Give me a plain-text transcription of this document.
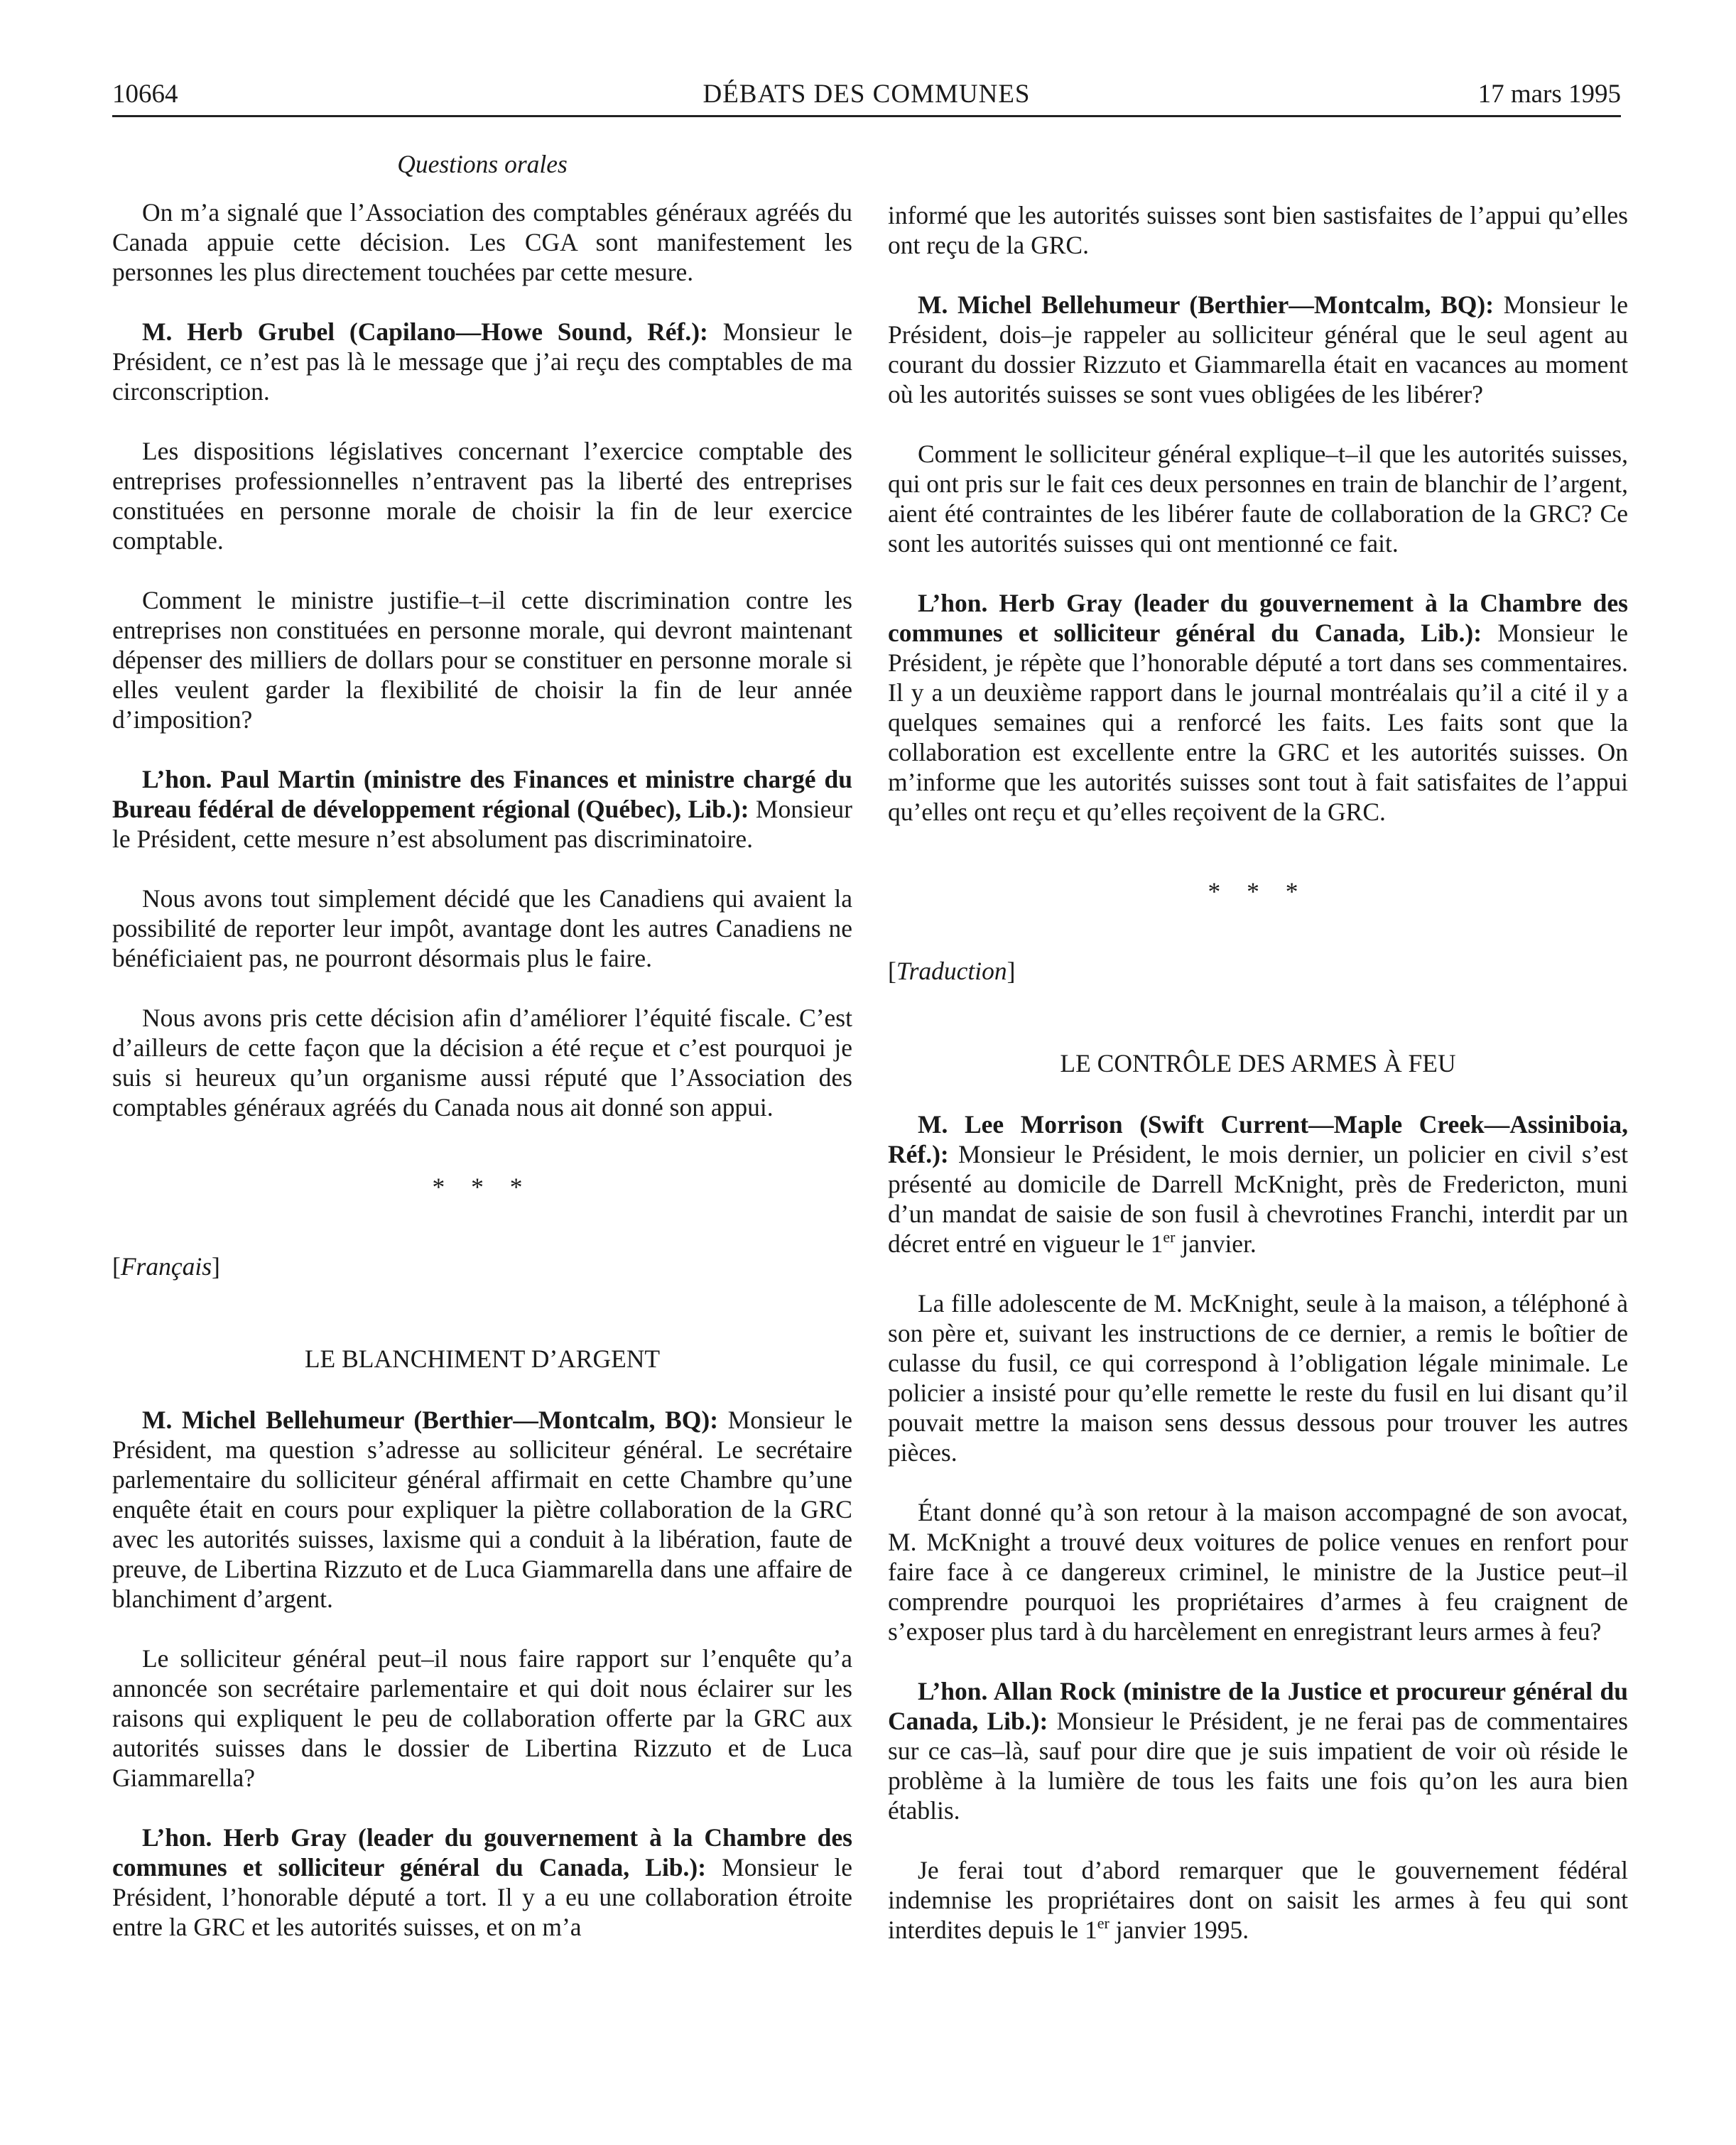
10664	DÉBATS DES COMMUNES	17 mars 1995
Questions orales

On m’a signalé que l’Association des comptables généraux agréés du Canada appuie cette décision. Les CGA sont manifestement les personnes les plus directement touchées par cette mesure.

M. Herb Grubel (Capilano—Howe Sound, Réf.): Monsieur le Président, ce n’est pas là le message que j’ai reçu des comptables de ma circonscription.

Les dispositions législatives concernant l’exercice comptable des entreprises professionnelles n’entravent pas la liberté des entreprises constituées en personne morale de choisir la fin de leur exercice comptable.

Comment le ministre justifie–t–il cette discrimination contre les entreprises non constituées en personne morale, qui devront maintenant dépenser des milliers de dollars pour se constituer en personne morale si elles veulent garder la flexibilité de choisir la fin de leur année d’imposition?

L’hon. Paul Martin (ministre des Finances et ministre chargé du Bureau fédéral de développement régional (Québec), Lib.): Monsieur le Président, cette mesure n’est absolument pas discriminatoire.

Nous avons tout simplement décidé que les Canadiens qui avaient la possibilité de reporter leur impôt, avantage dont les autres Canadiens ne bénéficiaient pas, ne pourront désormais plus le faire.

Nous avons pris cette décision afin d’améliorer l’équité fiscale. C’est d’ailleurs de cette façon que la décision a été reçue et c’est pourquoi je suis si heureux qu’un organisme aussi réputé que l’Association des comptables généraux agréés du Canada nous ait donné son appui.

* * *
[Français]
LE BLANCHIMENT D’ARGENT

M. Michel Bellehumeur (Berthier—Montcalm, BQ): Monsieur le Président, ma question s’adresse au solliciteur général. Le secrétaire parlementaire du solliciteur général affirmait en cette Chambre qu’une enquête était en cours pour expliquer la piètre collaboration de la GRC avec les autorités suisses, laxisme qui a conduit à la libération, faute de preuve, de Libertina Rizzuto et de Luca Giammarella dans une affaire de blanchiment d’argent.

Le solliciteur général peut–il nous faire rapport sur l’enquête qu’a annoncée son secrétaire parlementaire et qui doit nous éclairer sur les raisons qui expliquent le peu de collaboration offerte par la GRC aux autorités suisses dans le dossier de Libertina Rizzuto et de Luca Giammarella?

L’hon. Herb Gray (leader du gouvernement à la Chambre des communes et solliciteur général du Canada, Lib.): Monsieur le Président, l’honorable député a tort. Il y a eu une collaboration étroite entre la GRC et les autorités suisses, et on m’a

informé que les autorités suisses sont bien sastisfaites de l’appui qu’elles ont reçu de la GRC.

M. Michel Bellehumeur (Berthier—Montcalm, BQ): Monsieur le Président, dois–je rappeler au solliciteur général que le seul agent au courant du dossier Rizzuto et Giammarella était en vacances au moment où les autorités suisses se sont vues obligées de les libérer?

Comment le solliciteur général explique–t–il que les autorités suisses, qui ont pris sur le fait ces deux personnes en train de blanchir de l’argent, aient été contraintes de les libérer faute de collaboration de la GRC? Ce sont les autorités suisses qui ont mentionné ce fait.

L’hon. Herb Gray (leader du gouvernement à la Chambre des communes et solliciteur général du Canada, Lib.): Monsieur le Président, je répète que l’honorable député a tort dans ses commentaires. Il y a un deuxième rapport dans le journal montréalais qu’il a cité il y a quelques semaines qui a renforcé les faits. Les faits sont que la collaboration est excellente entre la GRC et les autorités suisses. On m’informe que les autorités suisses sont tout à fait satisfaites de l’appui qu’elles ont reçu et qu’elles reçoivent de la GRC.

* * *
[Traduction]
LE CONTRÔLE DES ARMES À FEU

M. Lee Morrison (Swift Current—Maple Creek—Assiniboia, Réf.): Monsieur le Président, le mois dernier, un policier en civil s’est présenté au domicile de Darrell McKnight, près de Fredericton, muni d’un mandat de saisie de son fusil à chevrotines Franchi, interdit par un décret entré en vigueur le 1er janvier.

La fille adolescente de M. McKnight, seule à la maison, a téléphoné à son père et, suivant les instructions de ce dernier, a remis le boîtier de culasse du fusil, ce qui correspond à l’obligation légale minimale. Le policier a insisté pour qu’elle remette le reste du fusil en lui disant qu’il pouvait mettre la maison sens dessus dessous pour trouver les autres pièces.

Étant donné qu’à son retour à la maison accompagné de son avocat, M. McKnight a trouvé deux voitures de police venues en renfort pour faire face à ce dangereux criminel, le ministre de la Justice peut–il comprendre pourquoi les propriétaires d’armes à feu craignent de s’exposer plus tard à du harcèlement en enregistrant leurs armes à feu?

L’hon. Allan Rock (ministre de la Justice et procureur général du Canada, Lib.): Monsieur le Président, je ne ferai pas de commentaires sur ce cas–là, sauf pour dire que je suis impatient de voir où réside le problème à la lumière de tous les faits une fois qu’on les aura bien établis.

Je ferai tout d’abord remarquer que le gouvernement fédéral indemnise les propriétaires dont on saisit les armes à feu qui sont interdites depuis le 1er janvier 1995.
